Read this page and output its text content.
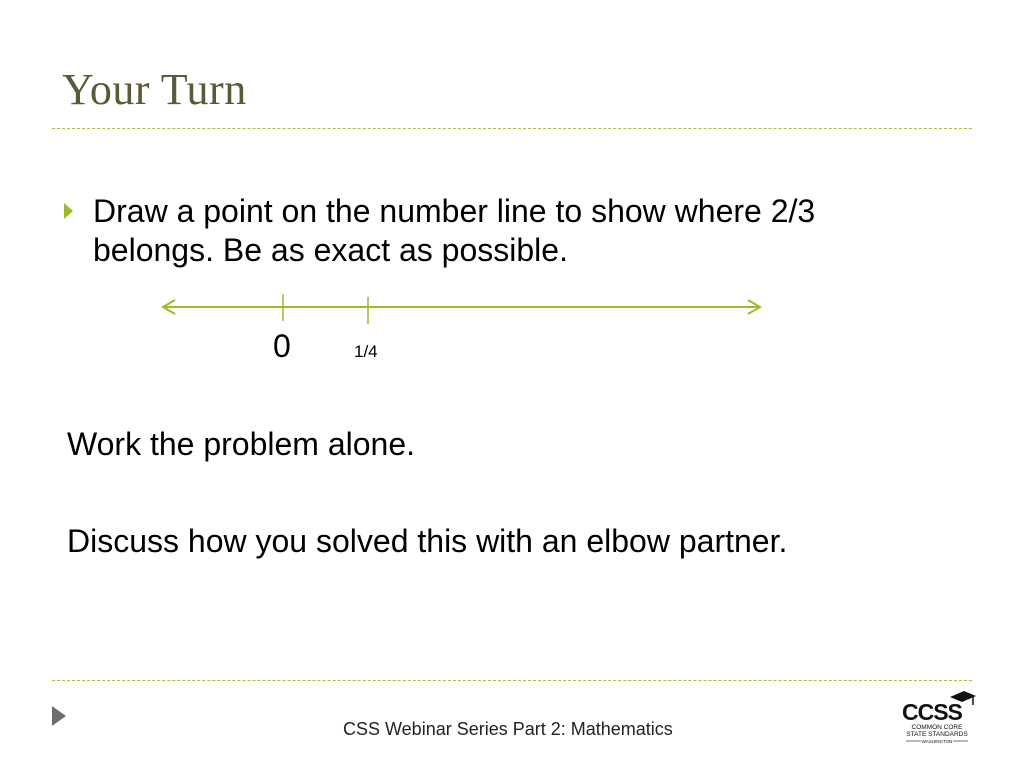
Your Turn
Draw a point on the number line to show where 2/3 belongs. Be as exact as possible.
0	1/4
Work the problem alone.
Discuss how you solved this with an elbow partner.
CSS Webinar Series Part 2: Mathematics
CCSS
COMMON CORE
STATE STANDARDS
WASHINGTON
